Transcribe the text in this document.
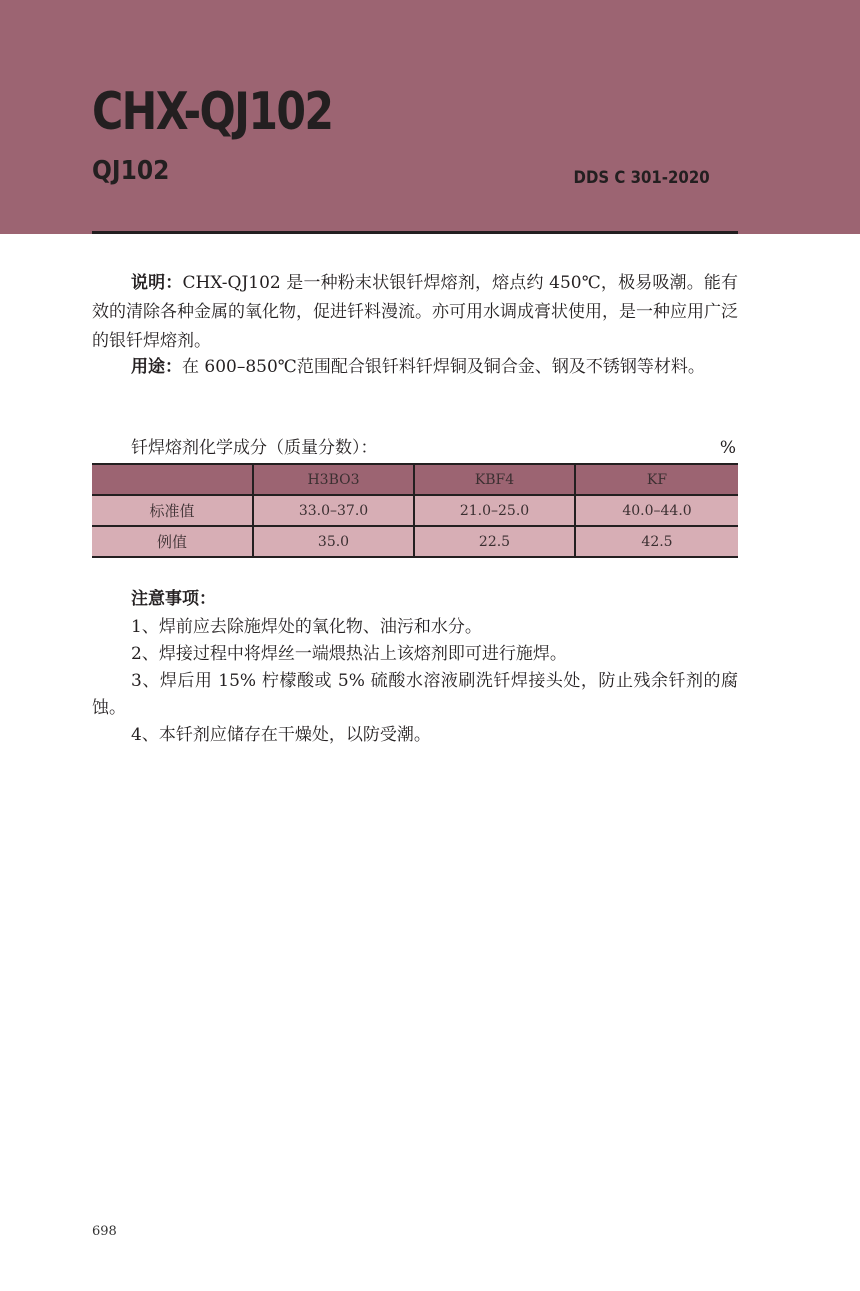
CHX-QJ102
QJ102	DDS C 301-2020

说明：CHX-QJ102 是一种粉末状银钎焊熔剂，熔点约 450℃，极易吸潮。能有效的清除各种金属的氧化物，促进钎料漫流。亦可用水调成膏状使用，是一种应用广泛的银钎焊熔剂。

用途：在 600–850℃范围配合银钎料钎焊铜及铜合金、钢及不锈钢等材料。

钎焊熔剂化学成分（质量分数）：	%
	H3BO3	KBF4	KF
标准值	33.0–37.0	21.0–25.0	40.0–44.0
例值	35.0	22.5	42.5
注意事项：

1、焊前应去除施焊处的氧化物、油污和水分。

2、焊接过程中将焊丝一端煨热沾上该熔剂即可进行施焊。

3、焊后用 15% 柠檬酸或 5% 硫酸水溶液刷洗钎焊接头处，防止残余钎剂的腐蚀。

4、本钎剂应储存在干燥处，以防受潮。

698
